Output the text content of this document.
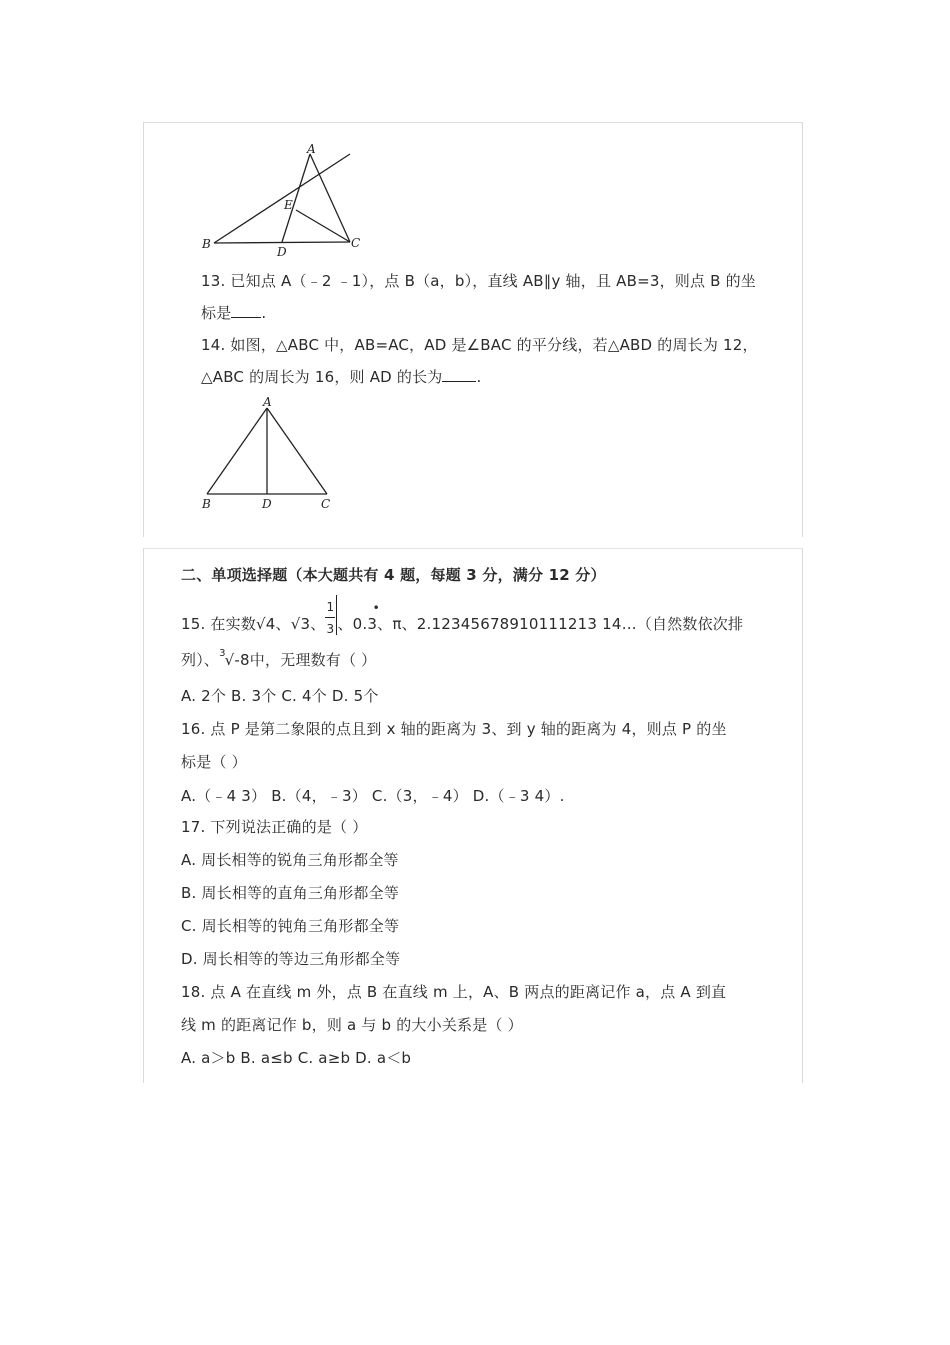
A
E
B
D
C
13. 已知点 A（﹣2 ﹣1），点 B（a，b），直线 AB∥y 轴，且 AB=3，则点 B 的坐
标是 .
14. 如图，△ABC 中，AB=AC，AD 是∠BAC 的平分线，若△ABD 的周长为 12，
△ABC 的周长为 16，则 AD 的长为 .
A
B	D	C
二、单项选择题（本大题共有 4 题，每题 3 分，满分 12 分）
15. 在实数√4、√3、 $\frac{1}{3}$ 、0.3
•
、π、2.12345678910111213 14…（自然数依次排
列）、$^3$√-8中，无理数有（ ）
A. 2个 B. 3个 C. 4个 D. 5个
16. 点 P 是第二象限的点且到 x 轴的距离为 3、到 y 轴的距离为 4，则点 P 的坐
标是（ ）
A.（﹣4 3） B.（4，﹣3） C.（3，﹣4） D.（﹣3 4）.
17. 下列说法正确的是（ ）
A. 周长相等的锐角三角形都全等
B. 周长相等的直角三角形都全等
C. 周长相等的钝角三角形都全等
D. 周长相等的等边三角形都全等
18. 点 A 在直线 m 外，点 B 在直线 m 上，A、B 两点的距离记作 a，点 A 到直
线 m 的距离记作 b，则 a 与 b 的大小关系是（ ）
A. a＞b B. a≤b C. a≥b D. a＜b
